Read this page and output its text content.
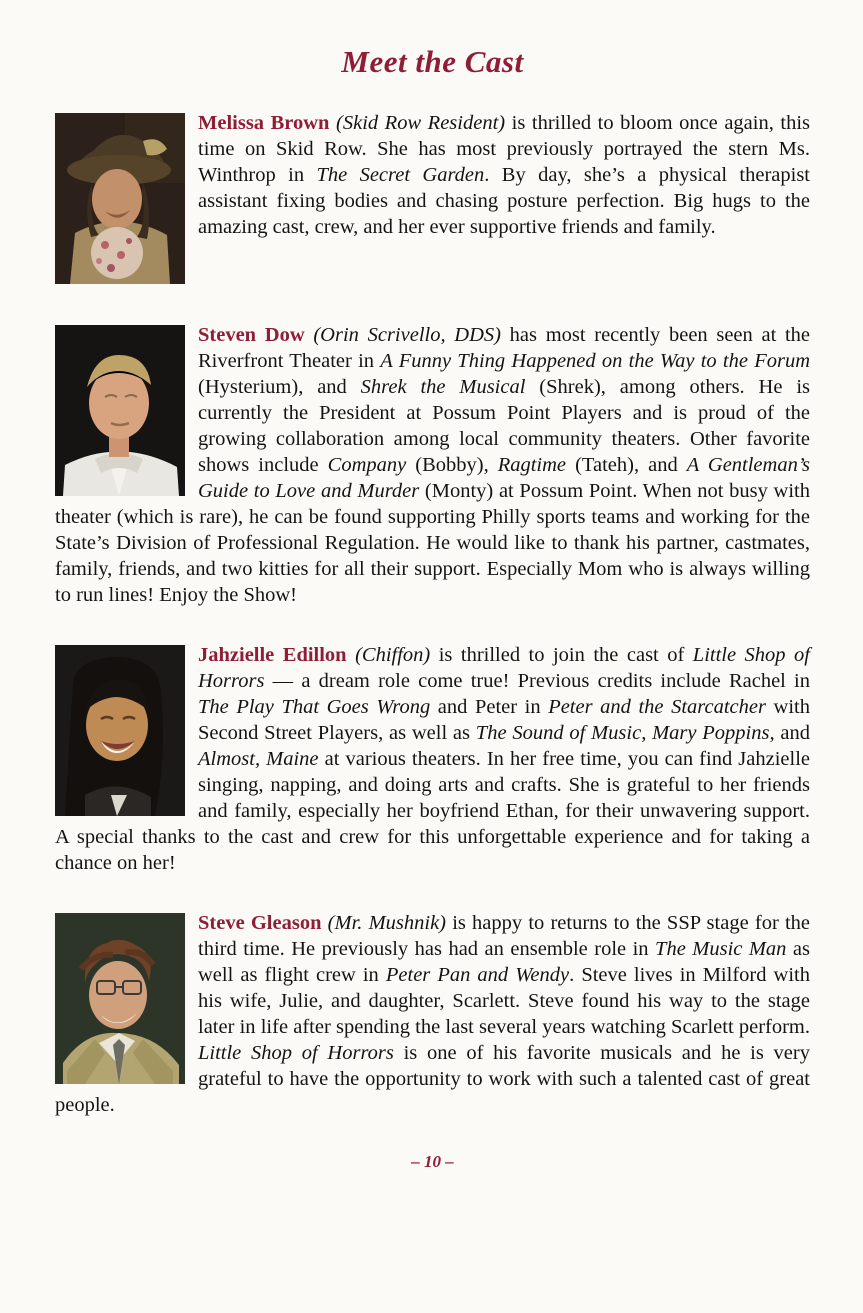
Meet the Cast

Melissa Brown (Skid Row Resident) is thrilled to bloom once again, this time on Skid Row. She has most previously portrayed the stern Ms. Winthrop in The Secret Garden. By day, she’s a physical therapist assistant fixing bodies and chasing posture perfection. Big hugs to the amazing cast, crew, and her ever supportive friends and family.

Steven Dow (Orin Scrivello, DDS) has most recently been seen at the Riverfront Theater in A Funny Thing Happened on the Way to the Forum (Hysterium), and Shrek the Musical (Shrek), among others. He is currently the President at Possum Point Players and is proud of the growing collaboration among local community theaters. Other favorite shows include Company (Bobby), Ragtime (Tateh), and A Gentleman’s Guide to Love and Murder (Monty) at Possum Point. When not busy with theater (which is rare), he can be found supporting Philly sports teams and working for the State’s Division of Professional Regulation. He would like to thank his partner, castmates, family, friends, and two kitties for all their support. Especially Mom who is always willing to run lines! Enjoy the Show!

Jahzielle Edillon (Chiffon) is thrilled to join the cast of Little Shop of Horrors — a dream role come true! Previous credits include Rachel in The Play That Goes Wrong and Peter in Peter and the Starcatcher with Second Street Players, as well as The Sound of Music, Mary Poppins, and Almost, Maine at various theaters. In her free time, you can find Jahzielle singing, napping, and doing arts and crafts. She is grateful to her friends and family, especially her boyfriend Ethan, for their unwavering support. A special thanks to the cast and crew for this unforgettable experience and for taking a chance on her!

Steve Gleason (Mr. Mushnik) is happy to returns to the SSP stage for the third time. He previously has had an ensemble role in The Music Man as well as flight crew in Peter Pan and Wendy. Steve lives in Milford with his wife, Julie, and daughter, Scarlett. Steve found his way to the stage later in life after spending the last several years watching Scarlett perform. Little Shop of Horrors is one of his favorite musicals and he is very grateful to have the opportunity to work with such a talented cast of great people.

– 10 –
